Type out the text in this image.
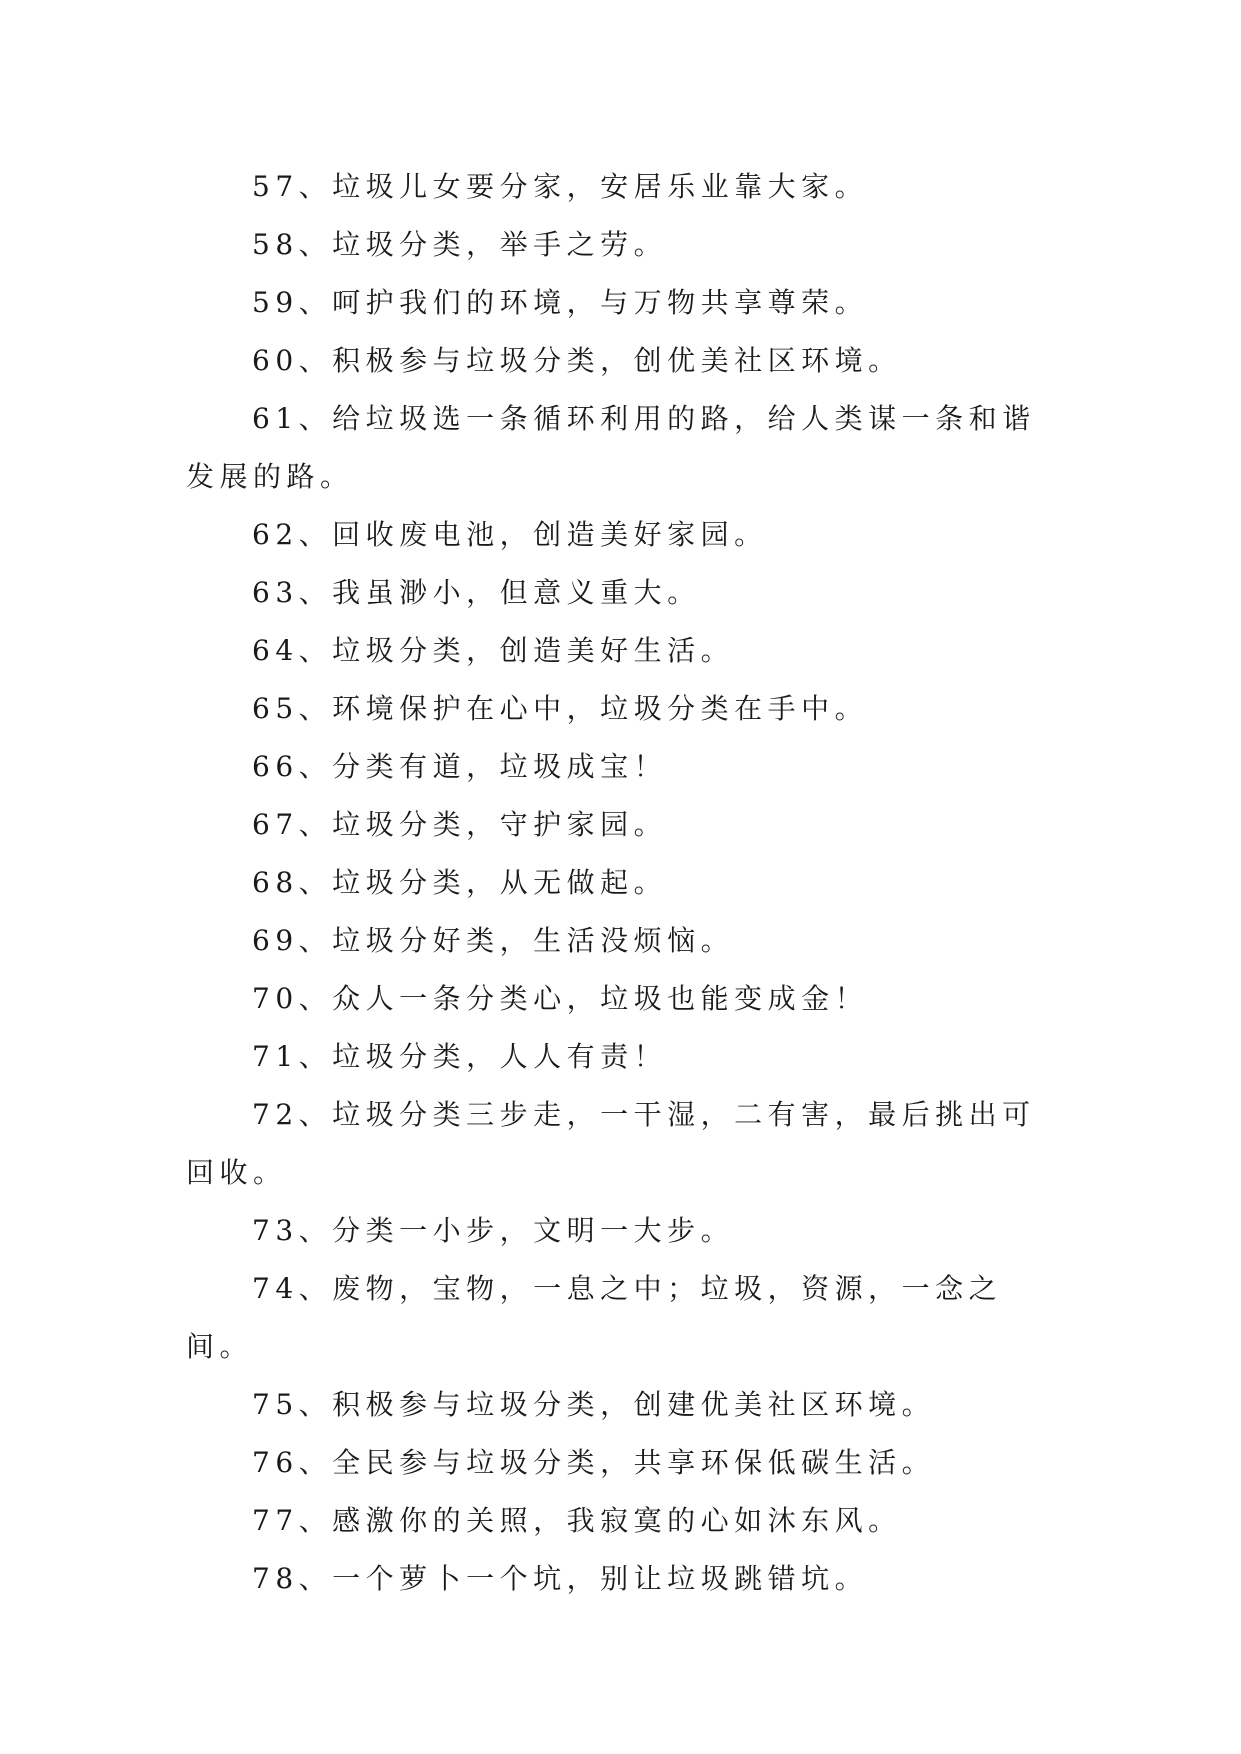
57、垃圾儿女要分家，安居乐业靠大家。

58、垃圾分类，举手之劳。

59、呵护我们的环境，与万物共享尊荣。

60、积极参与垃圾分类，创优美社区环境。

61、给垃圾选一条循环利用的路，给人类谋一条和谐发展的路。

62、回收废电池，创造美好家园。

63、我虽渺小，但意义重大。

64、垃圾分类，创造美好生活。

65、环境保护在心中，垃圾分类在手中。

66、分类有道，垃圾成宝！

67、垃圾分类，守护家园。

68、垃圾分类，从无做起。

69、垃圾分好类，生活没烦恼。

70、众人一条分类心，垃圾也能变成金！

71、垃圾分类，人人有责！

72、垃圾分类三步走，一干湿，二有害，最后挑出可回收。

73、分类一小步，文明一大步。

74、废物，宝物，一息之中；垃圾，资源，一念之间。

75、积极参与垃圾分类，创建优美社区环境。

76、全民参与垃圾分类，共享环保低碳生活。

77、感激你的关照，我寂寞的心如沐东风。

78、一个萝卜一个坑，别让垃圾跳错坑。
